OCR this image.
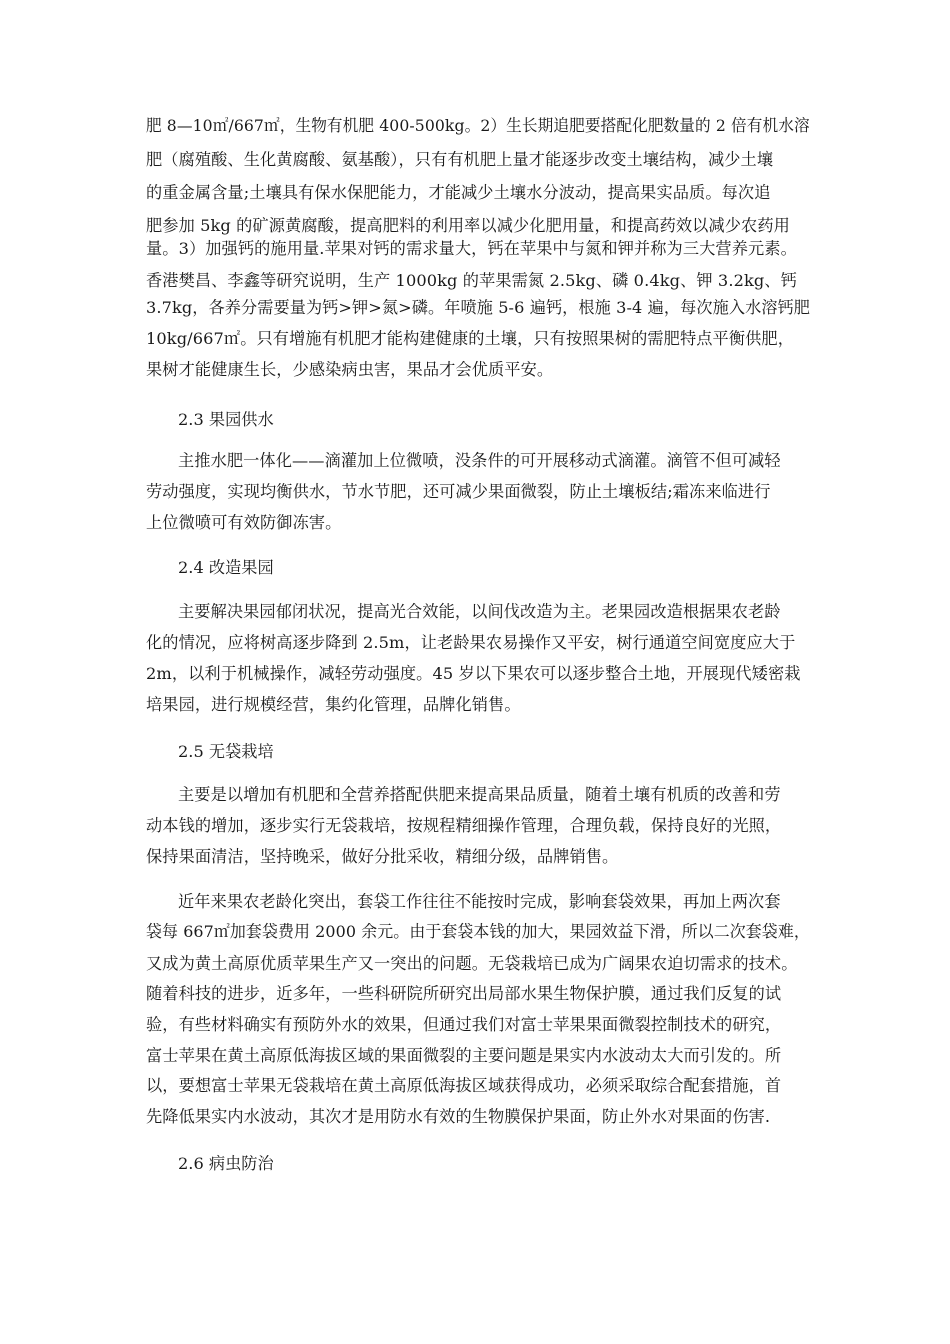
肥 8—10㎡/667㎡，生物有机肥 400-500kg。2）生长期追肥要搭配化肥数量的 2 倍有机水溶
肥（腐殖酸、生化黄腐酸、氨基酸），只有有机肥上量才能逐步改变土壤结构，减少土壤
的重金属含量;土壤具有保水保肥能力，才能减少土壤水分波动，提高果实品质。每次追
肥参加 5kg 的矿源黄腐酸，提高肥料的利用率以减少化肥用量，和提高药效以减少农药用
量。3）加强钙的施用量.苹果对钙的需求量大，钙在苹果中与氮和钾并称为三大营养元素。
香港樊昌、李鑫等研究说明，生产 1000kg 的苹果需氮 2.5kg、磷 0.4kg、钾 3.2kg、钙
3.7kg，各养分需要量为钙>钾>氮>磷。年喷施 5-6 遍钙，根施 3-4 遍，每次施入水溶钙肥
10kg/667㎡。只有增施有机肥才能构建健康的土壤，只有按照果树的需肥特点平衡供肥，
果树才能健康生长，少感染病虫害，果品才会优质平安。
2.3 果园供水
主推水肥一体化——滴灌加上位微喷，没条件的可开展移动式滴灌。滴管不但可减轻
劳动强度，实现均衡供水，节水节肥，还可减少果面微裂，防止土壤板结;霜冻来临进行
上位微喷可有效防御冻害。
2.4 改造果园
主要解决果园郁闭状况，提高光合效能，以间伐改造为主。老果园改造根据果农老龄
化的情况，应将树高逐步降到 2.5m，让老龄果农易操作又平安，树行通道空间宽度应大于
2m，以利于机械操作，减轻劳动强度。45 岁以下果农可以逐步整合土地，开展现代矮密栽
培果园，进行规模经营，集约化管理，品牌化销售。
2.5 无袋栽培
主要是以增加有机肥和全营养搭配供肥来提高果品质量，随着土壤有机质的改善和劳
动本钱的增加，逐步实行无袋栽培，按规程精细操作管理，合理负载，保持良好的光照，
保持果面清洁，坚持晚采，做好分批采收，精细分级，品牌销售。
近年来果农老龄化突出，套袋工作往往不能按时完成，影响套袋效果，再加上两次套
袋每 667㎡加套袋费用 2000 余元。由于套袋本钱的加大，果园效益下滑，所以二次套袋难，
又成为黄土高原优质苹果生产又一突出的问题。无袋栽培已成为广阔果农迫切需求的技术。
随着科技的进步，近多年，一些科研院所研究出局部水果生物保护膜，通过我们反复的试
验，有些材料确实有预防外水的效果，但通过我们对富士苹果果面微裂控制技术的研究，
富士苹果在黄土高原低海拔区域的果面微裂的主要问题是果实内水波动太大而引发的。所
以，要想富士苹果无袋栽培在黄土高原低海拔区域获得成功，必须采取综合配套措施，首
先降低果实内水波动，其次才是用防水有效的生物膜保护果面，防止外水对果面的伤害.
2.6 病虫防治
